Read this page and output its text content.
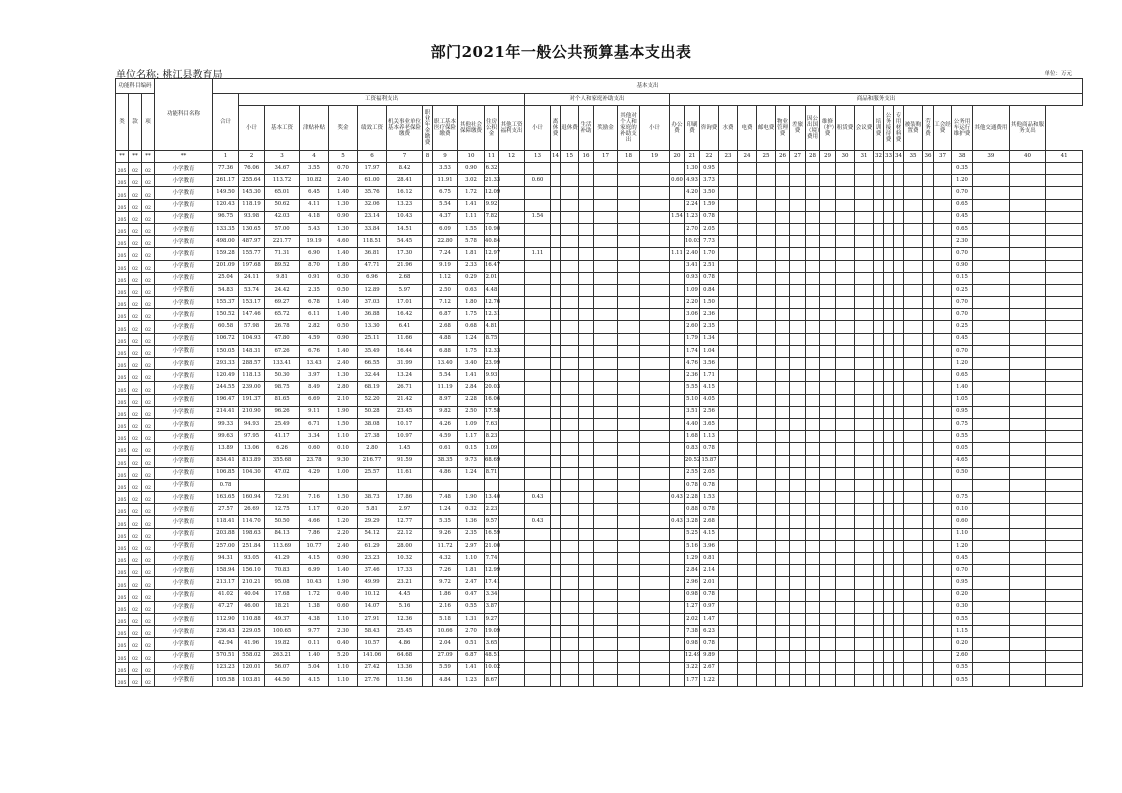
部门2021年一般公共预算基本支出表
单位名称: 桃江县教育局	单位：万元
功能科目编码			功能科目名称	基本支出																																								
类	款	项		合计	工资福利支出											对个人和家庭补助支出							商品和服务支出																					
					小计	基本工资	津贴补贴	奖金	绩效工资	机关事业单位基本养老保险缴费	职业年金缴费	职工基本医疗保险缴费	其他社会保障缴费	住房公积金	其他工资福利支出	小计	离休费	退休费	生活补助	奖励金	其他对个人和家庭的补助支出	小计	办公费	印刷费	咨询费	水费	电费	邮电费	物业管理费	差旅费	因公出国（境）费用	维修（护）费	租赁费	会议费	培训费	公务接待费	专用材料费	被装购置费	劳务费	工会经费	公务用车运行维护费	其他交通费用	其他商品和服务支出	
**	**	**	**	1	2	3	4	5	6	7	8	9	10	11	12	13	14	15	16	17	18	19	20	21	22	23	24	25	26	27	28	29	30	31	32	33	34	35	36	37	38	39	40	41
205	02	02	小学教育	77.36	76.06	34.67	3.55	0.70	17.97	8.42		3.53	0.90	6.32										1.30	0.95																0.35			
205	02	02	小学教育	261.17	255.64	113.72	10.82	2.40	61.00	28.41		11.91	3.02	21.33		0.60							0.60	4.93	3.73																1.20			
205	02	02	小学教育	149.50	145.30	65.01	6.45	1.40	35.76	16.12		6.75	1.72	12.09										4.20	3.50																0.70			
205	02	02	小学教育	120.43	118.19	50.62	4.11	1.30	32.06	13.23		5.54	1.41	9.92										2.24	1.59																0.65			
205	02	02	小学教育	96.75	93.98	42.03	4.18	0.90	23.14	10.43		4.37	1.11	7.82		1.54							1.54	1.23	0.78																0.45			
205	02	02	小学教育	133.35	130.65	57.00	5.43	1.30	33.84	14.51		6.09	1.55	10.90										2.70	2.05																0.65			
205	02	02	小学教育	498.00	487.97	221.77	19.19	4.60	118.51	54.45		22.80	5.78	40.84										10.03	7.73																2.30			
205	02	02	小学教育	159.28	155.77	71.31	6.90	1.40	36.81	17.30		7.24	1.81	12.97		1.11							1.11	2.40	1.70																0.70			
205	02	02	小学教育	201.09	197.68	89.52	8.70	1.80	47.71	21.96		9.19	2.33	16.47										3.41	2.51																0.90			
205	02	02	小学教育	25.04	24.11	9.81	0.91	0.30	6.96	2.68		1.12	0.29	2.01										0.93	0.78																0.15			
205	02	02	小学教育	54.83	53.74	24.42	2.35	0.50	12.89	5.97		2.50	0.63	4.48										1.09	0.84																0.25			
205	02	02	小学教育	155.37	153.17	69.27	6.78	1.40	37.03	17.01		7.12	1.80	12.76										2.20	1.50																0.70			
205	02	02	小学教育	150.52	147.46	65.72	6.11	1.40	36.88	16.42		6.87	1.75	12.31										3.06	2.36																0.70			
205	02	02	小学教育	60.58	57.98	26.78	2.82	0.50	13.30	6.41		2.68	0.68	4.81										2.60	2.35																0.25			
205	02	02	小学教育	106.72	104.93	47.80	4.59	0.90	25.11	11.66		4.88	1.24	8.75										1.79	1.34																0.45			
205	02	02	小学教育	150.05	148.31	67.26	6.76	1.40	35.49	16.44		6.88	1.75	12.33										1.74	1.04																0.70			
205	02	02	小学教育	293.33	288.57	133.41	13.43	2.40	66.55	31.99		13.40	3.40	23.99										4.76	3.56																1.20			
205	02	02	小学教育	120.49	118.13	50.30	3.97	1.30	32.44	13.24		5.54	1.41	9.93										2.36	1.71																0.65			
205	02	02	小学教育	244.55	239.00	98.75	8.49	2.80	68.19	26.71		11.19	2.84	20.03										5.55	4.15																1.40			
205	02	02	小学教育	196.47	191.37	81.65	6.69	2.10	52.20	21.42		8.97	2.28	16.06										5.10	4.05																1.05			
205	02	02	小学教育	214.41	210.90	96.26	9.11	1.90	50.28	23.45		9.82	2.50	17.58										3.51	2.56																0.95			
205	02	02	小学教育	99.33	94.93	25.49	6.71	1.50	38.08	10.17		4.26	1.09	7.63										4.40	3.65																0.75			
205	02	02	小学教育	99.63	97.95	41.17	3.34	1.10	27.38	10.97		4.59	1.17	8.23										1.68	1.13																0.55			
205	02	02	小学教育	13.89	13.06	6.26	0.60	0.10	2.80	1.45		0.61	0.15	1.09										0.83	0.78																0.05			
205	02	02	小学教育	834.41	813.89	355.68	23.78	9.30	216.77	91.59		38.35	9.73	68.69										20.52	15.87																4.65			
205	02	02	小学教育	106.85	104.30	47.02	4.29	1.00	25.57	11.61		4.86	1.24	8.71										2.55	2.05																0.50			
205	02	02	小学教育	0.78																				0.78	0.78																			
205	02	02	小学教育	163.65	160.94	72.91	7.16	1.50	38.73	17.86		7.48	1.90	13.40		0.43							0.43	2.28	1.53																0.75			
205	02	02	小学教育	27.57	26.69	12.75	1.17	0.20	5.81	2.97		1.24	0.32	2.23										0.88	0.78																0.10			
205	02	02	小学教育	118.41	114.70	50.50	4.66	1.20	29.29	12.77		5.35	1.36	9.57		0.43							0.43	3.28	2.68																0.60			
205	02	02	小学教育	203.88	198.63	84.13	7.86	2.20	54.12	22.12		9.26	2.35	16.59										5.25	4.15																1.10			
205	02	02	小学教育	257.00	251.84	113.69	10.77	2.40	61.29	28.00		11.72	2.97	21.00										5.16	3.96																1.20			
205	02	02	小学教育	94.31	93.05	41.29	4.15	0.90	23.23	10.32		4.32	1.10	7.74										1.29	0.81																0.45			
205	02	02	小学教育	158.94	156.10	70.83	6.99	1.40	37.46	17.33		7.26	1.81	12.99										2.84	2.14																0.70			
205	02	02	小学教育	213.17	210.21	95.08	10.43	1.90	49.99	23.21		9.72	2.47	17.41										2.96	2.01																0.95			
205	02	02	小学教育	41.02	40.04	17.68	1.72	0.40	10.12	4.45		1.86	0.47	3.34										0.98	0.78																0.20			
205	02	02	小学教育	47.27	46.00	18.21	1.38	0.60	14.07	5.16		2.16	0.55	3.87										1.27	0.97																0.30			
205	02	02	小学教育	112.90	110.88	49.37	4.38	1.10	27.91	12.36		5.18	1.31	9.27										2.02	1.47																0.55			
205	02	02	小学教育	236.43	229.05	100.65	9.77	2.30	58.43	25.45		10.66	2.70	19.09										7.38	6.23																1.15			
205	02	02	小学教育	42.94	41.96	19.82	0.11	0.40	10.57	4.86		2.04	0.51	3.65										0.98	0.78																0.20			
205	02	02	小学教育	570.51	558.02	263.21	1.40	5.20	141.06	64.68		27.09	6.87	48.51										12.49	9.89																2.60			
205	02	02	小学教育	123.23	120.01	56.07	5.04	1.10	27.42	13.36		5.59	1.41	10.02										3.22	2.67																0.55			
205	02	02	小学教育	105.58	103.81	44.50	4.15	1.10	27.76	11.56		4.84	1.23	8.67										1.77	1.22																0.55			
